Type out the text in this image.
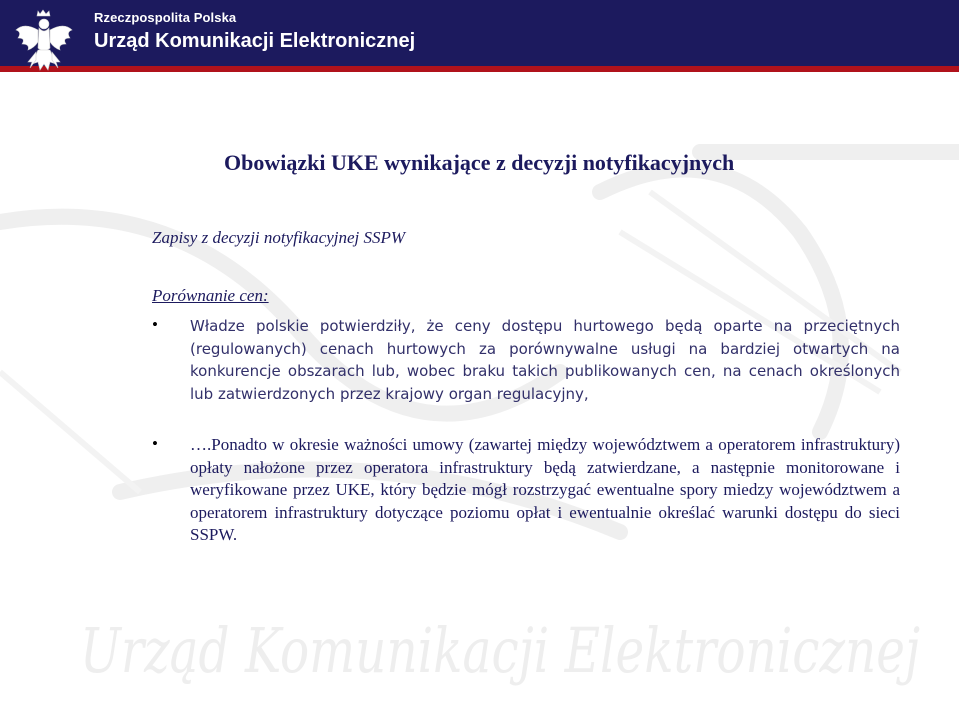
Rzeczpospolita Polska
Urząd Komunikacji Elektronicznej
Urząd Komunikacji Elektronicznej
Obowiązki UKE wynikające z decyzji notyfikacyjnych
Zapisy z decyzji notyfikacyjnej SSPW
Porównanie cen:
• Władze polskie potwierdziły, że ceny dostępu hurtowego będą oparte na przeciętnych (regulowanych) cenach hurtowych za porównywalne usługi na bardziej otwartych na konkurencje obszarach lub, wobec braku takich publikowanych cen, na cenach określonych lub zatwierdzonych przez krajowy organ regulacyjny,
• ….Ponadto w okresie ważności umowy (zawartej między województwem a operatorem infrastruktury) opłaty nałożone przez operatora infrastruktury będą zatwierdzane, a następnie monitorowane i weryfikowane przez UKE, który będzie mógł rozstrzygać ewentualne spory miedzy województwem a operatorem infrastruktury dotyczące poziomu opłat i ewentualnie określać warunki dostępu do sieci SSPW.
